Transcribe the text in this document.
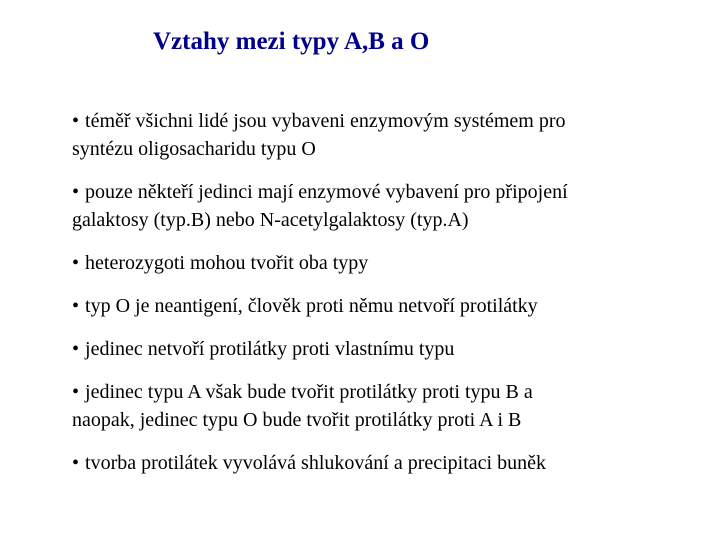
Vztahy mezi typy A,B a O
• téměř všichni lidé jsou vybaveni enzymovým systémem pro
syntézu oligosacharidu typu O
• pouze někteří jedinci mají enzymové vybavení pro připojení
galaktosy (typ.B) nebo N-acetylgalaktosy (typ.A)
• heterozygoti mohou tvořit oba typy
• typ O je neantigení, člověk proti němu netvoří protilátky
• jedinec netvoří protilátky proti vlastnímu typu
• jedinec typu A však bude tvořit protilátky proti typu B a
naopak, jedinec typu O bude tvořit protilátky proti A i B
• tvorba protilátek vyvolává shlukování a precipitaci buněk
